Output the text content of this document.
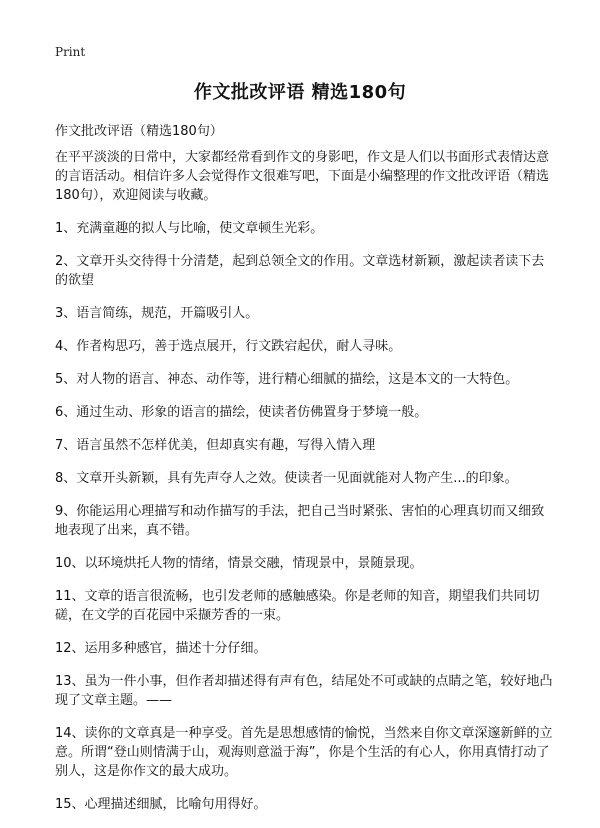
Print
作文批改评语 精选180句
作文批改评语（精选180句）

在平平淡淡的日常中，大家都经常看到作文的身影吧，作文是人们以书面形式表情达意的言语活动。相信许多人会觉得作文很难写吧，下面是小编整理的作文批改评语（精选180句），欢迎阅读与收藏。

1、充满童趣的拟人与比喻，使文章顿生光彩。

2、文章开头交待得十分清楚，起到总领全文的作用。文章选材新颖，激起读者读下去的欲望

3、语言简练，规范，开篇吸引人。

4、作者构思巧，善于选点展开，行文跌宕起伏，耐人寻味。

5、对人物的语言、神态、动作等，进行精心细腻的描绘，这是本文的一大特色。

6、通过生动、形象的语言的描绘，使读者仿佛置身于梦境一般。

7、语言虽然不怎样优美，但却真实有趣，写得入情入理

8、文章开头新颖，具有先声夺人之效。使读者一见面就能对人物产生...的印象。

9、你能运用心理描写和动作描写的手法，把自己当时紧张、害怕的心理真切而又细致地表现了出来，真不错。

10、以环境烘托人物的情绪，情景交融，情现景中，景随景现。

11、文章的语言很流畅，也引发老师的感触感染。你是老师的知音，期望我们共同切磋，在文学的百花园中采撷芳香的一束。

12、运用多种感官，描述十分仔细。

13、虽为一件小事，但作者却描述得有声有色，结尾处不可或缺的点睛之笔，较好地凸现了文章主题。——

14、读你的文章真是一种享受。首先是思想感情的愉悦，当然来自你文章深邃新鲜的立意。所谓“登山则情满于山，观海则意溢于海”，你是个生活的有心人，你用真情打动了别人，这是你作文的最大成功。

15、心理描述细腻，比喻句用得好。
